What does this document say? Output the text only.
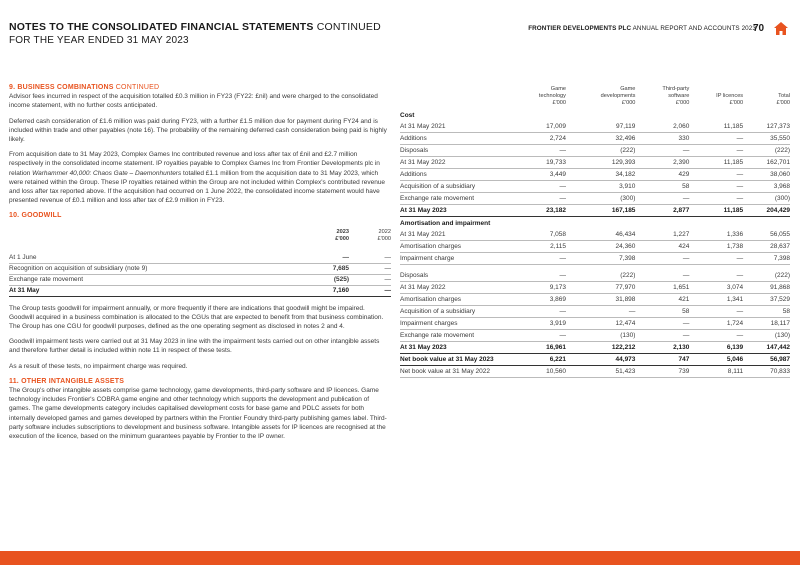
NOTES TO THE CONSOLIDATED FINANCIAL STATEMENTS CONTINUED
FOR THE YEAR ENDED 31 MAY 2023
FRONTIER DEVELOPMENTS PLC ANNUAL REPORT AND ACCOUNTS 2023
70
9. BUSINESS COMBINATIONS CONTINUED

Advisor fees incurred in respect of the acquisition totalled £0.3 million in FY23 (FY22: £nil) and were charged to the consolidated income statement, with no further costs anticipated.

Deferred cash consideration of £1.6 million was paid during FY23, with a further £1.5 million due for payment during FY24 and is included within trade and other payables (note 16). The probability of the remaining deferred cash consideration being paid is highly likely.

From acquisition date to 31 May 2023, Complex Games Inc contributed revenue and loss after tax of £nil and £2.7 million respectively in the consolidated income statement. IP royalties payable to Complex Games Inc from Frontier Developments plc in relation Warhammer 40,000: Chaos Gate – Daemonhunters totalled £1.1 million from the acquisition date to 31 May 2023, which were retained within the Group. These IP royalties retained within the Group are not included within Complex's contributed revenue and loss after tax reported above. If the acquisition had occurred on 1 June 2022, the consolidated income statement would have presented revenue of £0.1 million and loss after tax of £2.9 million in FY23.

10. GOODWILL
	2023
£'000	2022
£'000

At 1 June	—	—
Recognition on acquisition of subsidiary (note 9)	7,685	—
Exchange rate movement	(525)	—
At 31 May	7,160	—

The Group tests goodwill for impairment annually, or more frequently if there are indications that goodwill might be impaired. Goodwill acquired in a business combination is allocated to the CGUs that are expected to benefit from that business combination. The Group has one CGU for goodwill purposes, defined as the one operating segment as disclosed in notes 2 and 4.

Goodwill impairment tests were carried out at 31 May 2023 in line with the impairment tests carried out on other intangible assets and therefore further detail is included within note 11 in respect of these tests.

As a result of these tests, no impairment charge was required.

11. OTHER INTANGIBLE ASSETS

The Group's other intangible assets comprise game technology, game developments, third-party software and IP licences. Game technology includes Frontier's COBRA game engine and other technology which supports the development and publication of games. The game developments category includes capitalised development costs for base game and PDLC assets for both internally developed games and games developed by partners within the Frontier Foundry third-party publishing games label. Third-party software includes subscriptions to development and business software. Intangible assets for IP licences are recognised at the execution of the licence, based on the minimum guarantees payable by Frontier to the IP owner.

	Game
technology
£'000	Game
developments
£'000	Third-party
software
£'000	IP licences
£'000	Total
£'000
Cost					
At 31 May 2021	17,009	97,119	2,060	11,185	127,373
Additions	2,724	32,496	330	—	35,550
Disposals	—	(222)	—	—	(222)
At 31 May 2022	19,733	129,393	2,390	11,185	162,701
Additions	3,449	34,182	429	—	38,060
Acquisition of a subsidiary	—	3,910	58	—	3,968
Exchange rate movement	—	(300)	—	—	(300)
At 31 May 2023	23,182	167,185	2,877	11,185	204,429
Amortisation and impairment					
At 31 May 2021	7,058	46,434	1,227	1,336	56,055
Amortisation charges	2,115	24,360	424	1,738	28,637
Impairment charge	—	7,398	—	—	7,398

Disposals	—	(222)	—	—	(222)
At 31 May 2022	9,173	77,970	1,651	3,074	91,868
Amortisation charges	3,869	31,898	421	1,341	37,529
Acquisition of a subsidiary	—	—	58	—	58
Impairment charges	3,919	12,474	—	1,724	18,117
Exchange rate movement	—	(130)	—	—	(130)
At 31 May 2023	16,961	122,212	2,130	6,139	147,442
Net book value at 31 May 2023	6,221	44,973	747	5,046	56,987
Net book value at 31 May 2022	10,560	51,423	739	8,111	70,833
